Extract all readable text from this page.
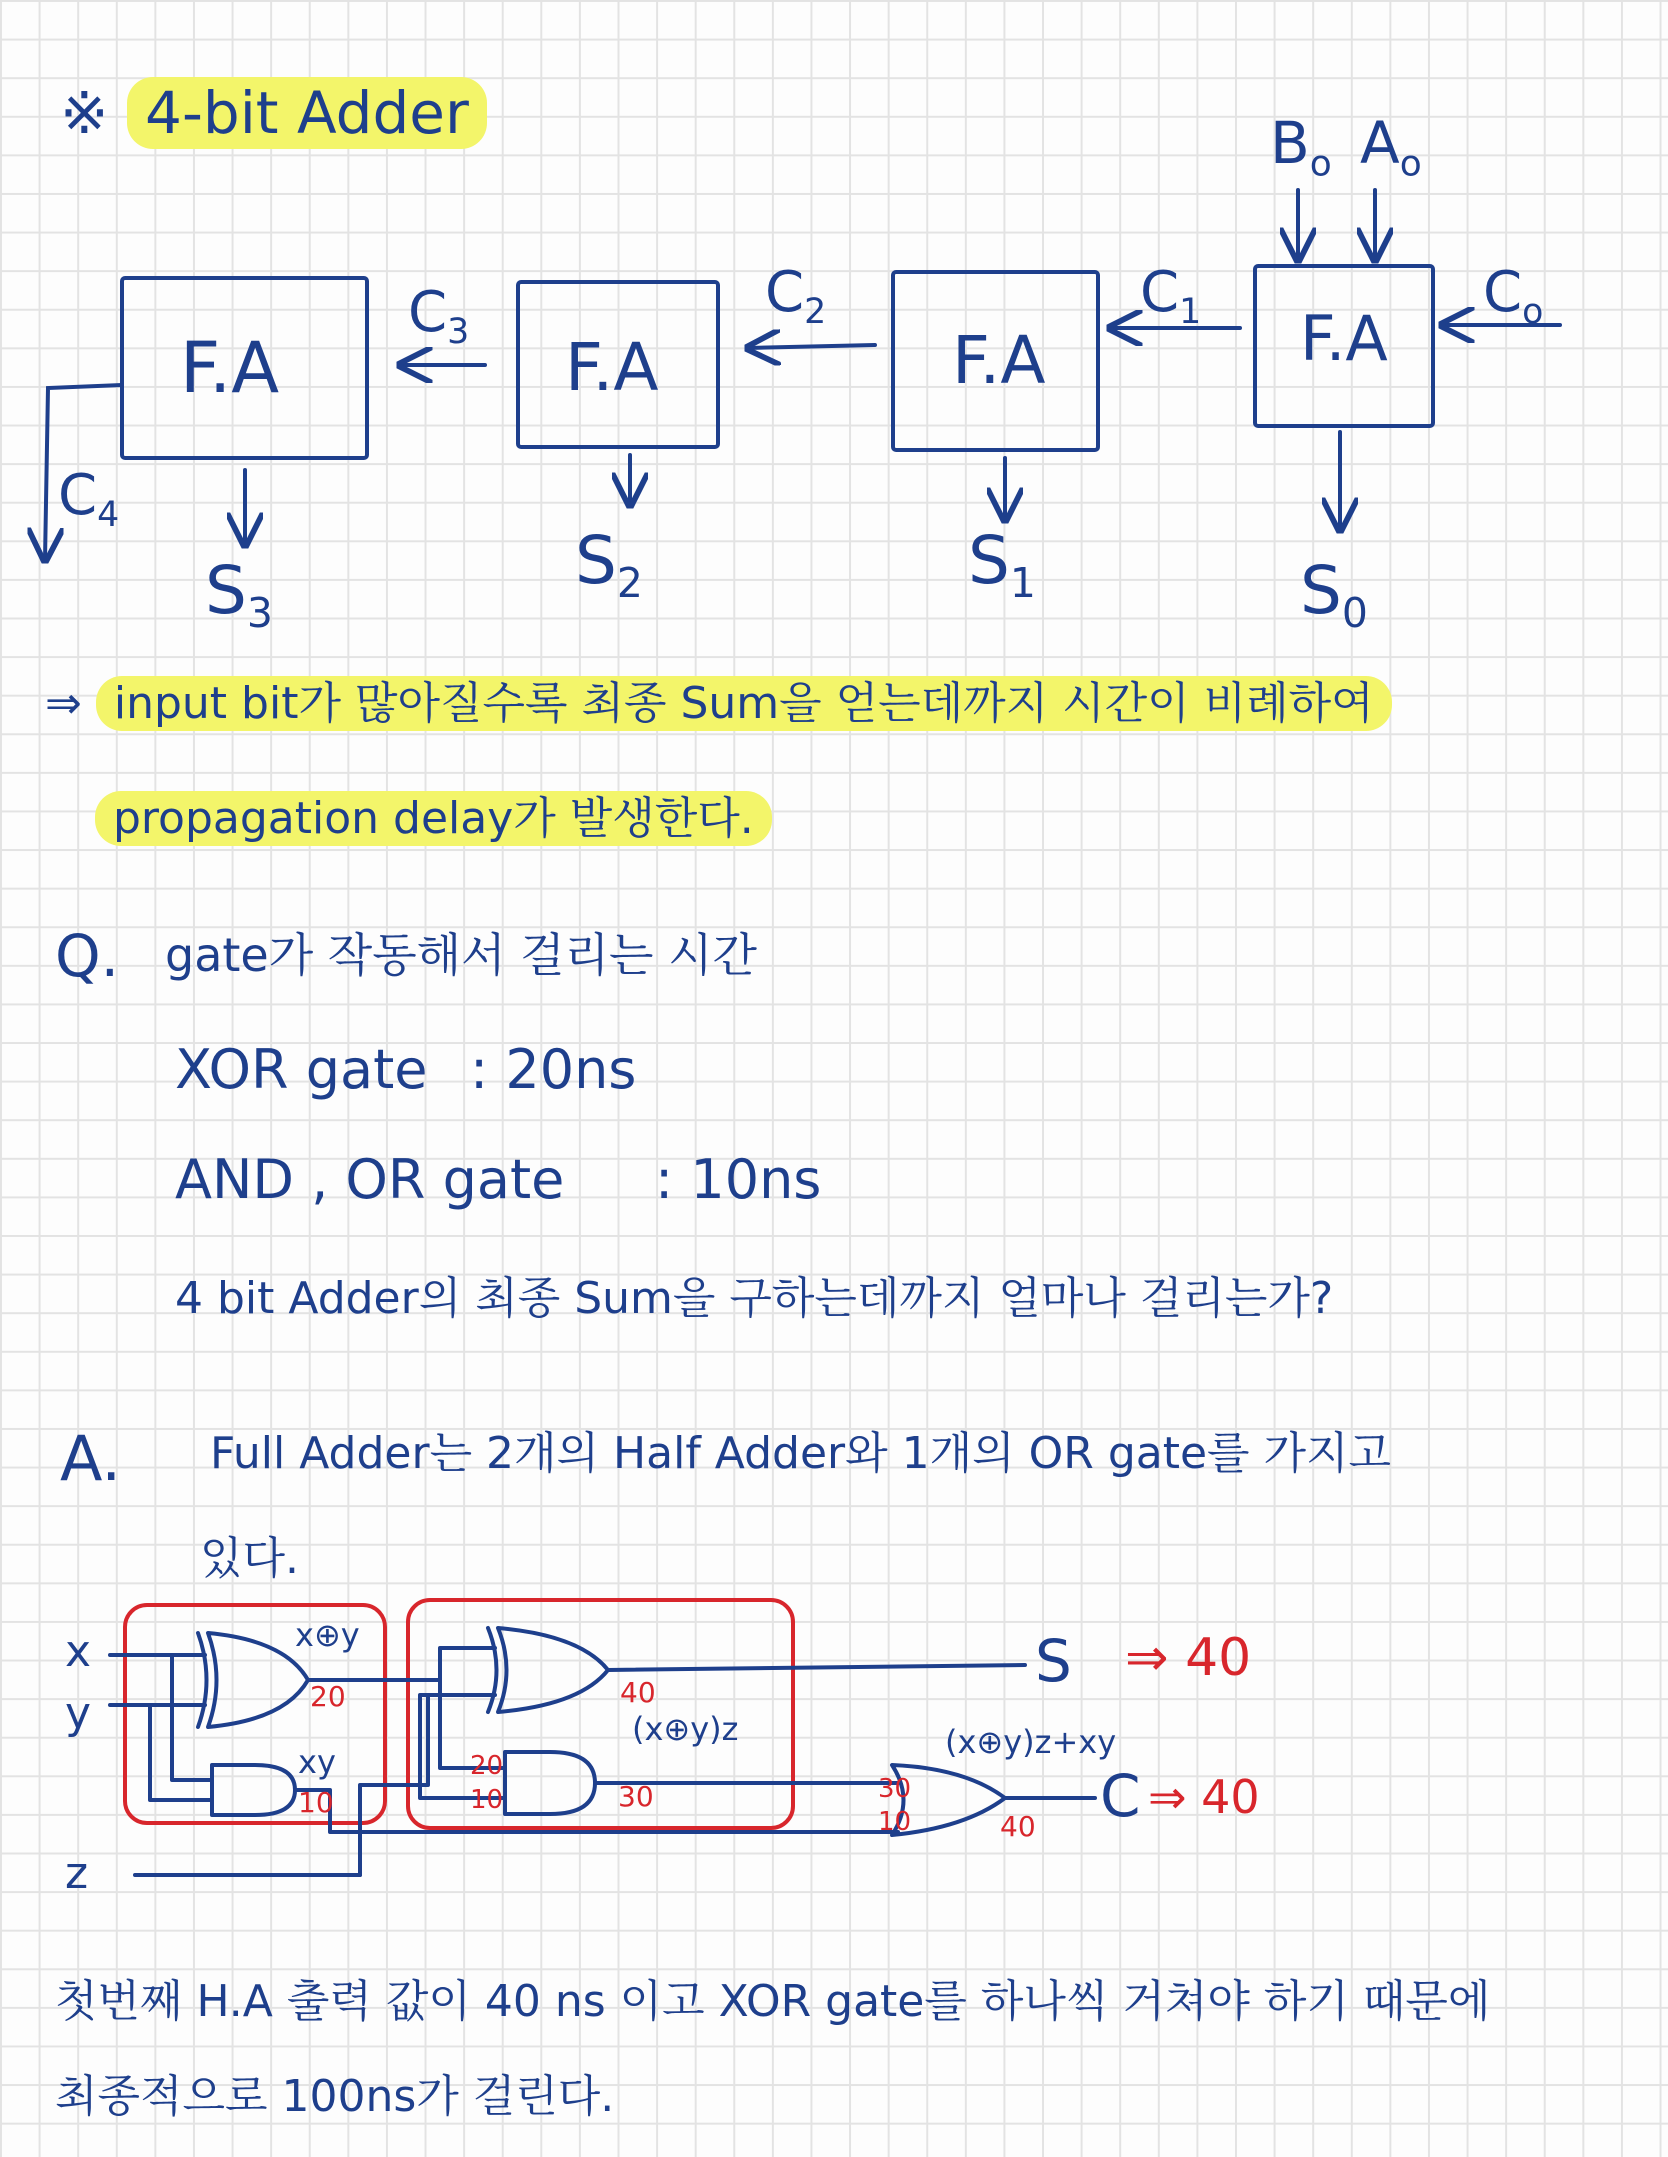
※ 4-bit Adder
F.A	F.A	F.A	F.A
$C_o$
$C_1$
$C_2$
$C_3$
$C_4$
$B_o$ $A_o$
$S_3$
$S_2$	$S_1$	$S_0$
⇒ input bit가 많아질수록 최종 Sum을 얻는데까지 시간이 비례하여
propagation delay가 발생한다.
Q. gate가 작동해서 걸리는 시간
XOR gate : 20ns
AND , OR gate : 10ns
4 bit Adder의 최종 Sum을 구하는데까지 얼마나 걸리는가?
A. Full Adder는 2개의 Half Adder와 1개의 OR gate를 가지고
있다.
x
y
z
x⊕y
xy
(x⊕y)z	(x⊕y)z+xy
S ⇒ 40
C ⇒ 40
20
10
40
20
10	30	30
10	40
첫번째 H.A 출력 값이 40 ns 이고 XOR gate를 하나씩 거쳐야 하기 때문에
최종적으로 100ns가 걸린다.
